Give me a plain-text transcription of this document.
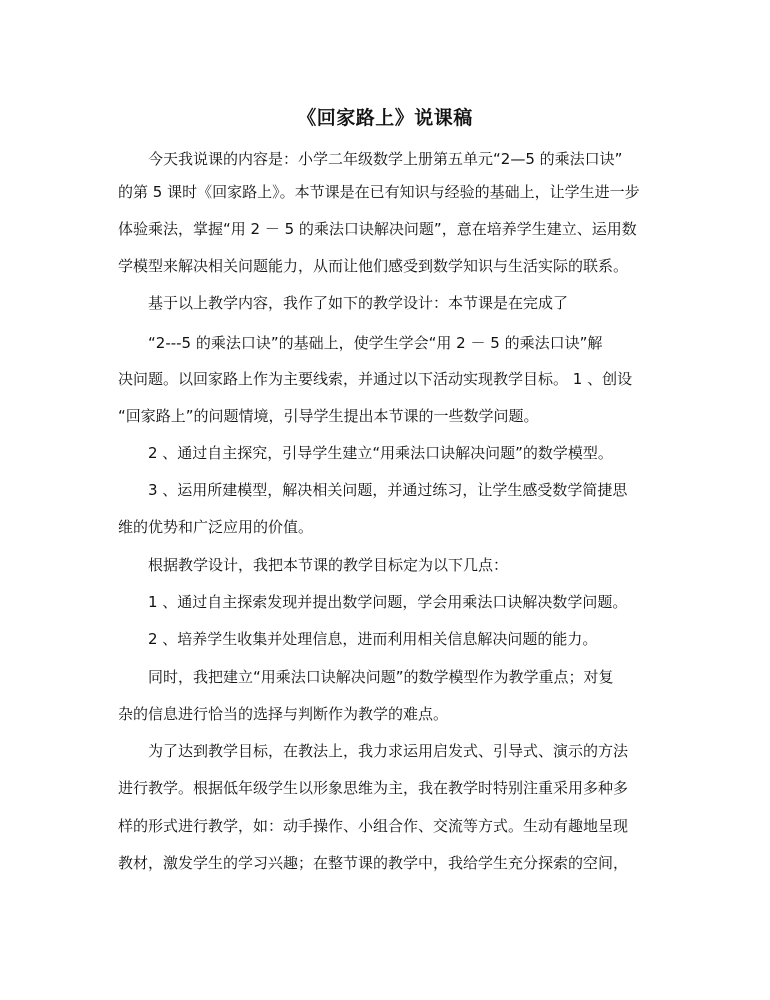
《回家路上》说课稿
今天我说课的内容是：小学二年级数学上册第五单元“2—5 的乘法口诀”
的第 5 课时《回家路上》。本节课是在已有知识与经验的基础上，让学生进一步
体验乘法，掌握“用 2 － 5 的乘法口诀解决问题”，意在培养学生建立、运用数
学模型来解决相关问题能力，从而让他们感受到数学知识与生活实际的联系。
基于以上教学内容，我作了如下的教学设计：本节课是在完成了
“2---5 的乘法口诀”的基础上，使学生学会“用 2 － 5 的乘法口诀”解
决问题。以回家路上作为主要线索，并通过以下活动实现教学目标。 1 、创设
“回家路上”的问题情境，引导学生提出本节课的一些数学问题。
2 、通过自主探究，引导学生建立“用乘法口诀解决问题”的数学模型。
3 、运用所建模型，解决相关问题，并通过练习，让学生感受数学简捷思
维的优势和广泛应用的价值。
根据教学设计，我把本节课的教学目标定为以下几点：
1 、通过自主探索发现并提出数学问题，学会用乘法口诀解决数学问题。
2 、培养学生收集并处理信息，进而利用相关信息解决问题的能力。
同时，我把建立“用乘法口诀解决问题”的数学模型作为教学重点；对复
杂的信息进行恰当的选择与判断作为教学的难点。
为了达到教学目标，在教法上，我力求运用启发式、引导式、演示的方法
进行教学。根据低年级学生以形象思维为主，我在教学时特别注重采用多种多
样的形式进行教学，如：动手操作、小组合作、交流等方式。生动有趣地呈现
教材，激发学生的学习兴趣；在整节课的教学中，我给学生充分探索的空间，
